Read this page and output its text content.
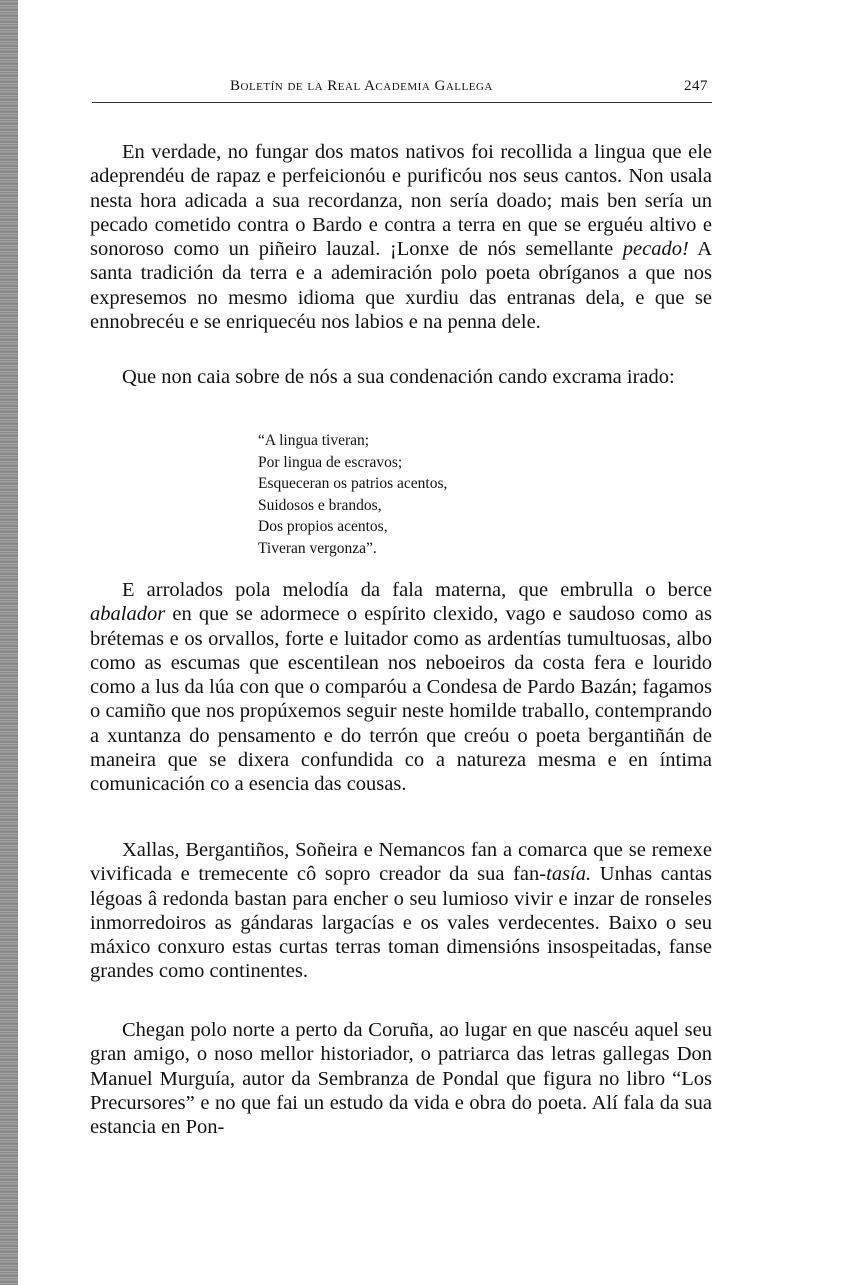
Boletín de la Real Academia Gallega	247

En verdade, no fungar dos matos nativos foi recollida a lingua que ele adeprendéu de rapaz e perfeicionóu e purificóu nos seus cantos. Non usala nesta hora adicada a sua recordanza, non sería doado; mais ben sería un pecado cometido contra o Bardo e contra a terra en que se erguéu altivo e sonoroso como un piñeiro lauzal. ¡Lonxe de nós semellante pecado! A santa tradición da terra e a ademiración polo poeta obríganos a que nos expresemos no mesmo idioma que xurdiu das entranas dela, e que se ennobrecéu e se enriquecéu nos labios e na penna dele.

Que non caia sobre de nós a sua condenación cando excrama irado:

“A lingua tiveran;
Por lingua de escravos;
Esqueceran os patrios acentos,
Suidosos e brandos,
Dos propios acentos,
Tiveran vergonza”.

E arrolados pola melodía da fala materna, que embrulla o berce abalador en que se adormece o espírito clexido, vago e saudoso como as brétemas e os orvallos, forte e luitador como as ardentías tumultuosas, albo como as escumas que escentilean nos neboeiros da costa fera e lourido como a lus da lúa con que o comparóu a Condesa de Pardo Bazán; fagamos o camiño que nos propúxemos seguir neste homilde traballo, contemprando a xuntanza do pensamento e do terrón que creóu o poeta bergantiñán de maneira que se dixera confundida co a natureza mesma e en íntima comunicación co a esencia das cousas.

Xallas, Bergantiños, Soñeira e Nemancos fan a comarca que se remexe vivificada e tremecente cô sopro creador da sua fan-tasía. Unhas cantas légoas â redonda bastan para encher o seu lumioso vivir e inzar de ronseles inmorredoiros as gándaras largacías e os vales verdecentes. Baixo o seu máxico conxuro estas curtas terras toman dimensións insospeitadas, fanse grandes como continentes.

Chegan polo norte a perto da Coruña, ao lugar en que nascéu aquel seu gran amigo, o noso mellor historiador, o patriarca das letras gallegas Don Manuel Murguía, autor da Sembranza de Pondal que figura no libro “Los Precursores” e no que fai un estudo da vida e obra do poeta. Alí fala da sua estancia en Pon-
